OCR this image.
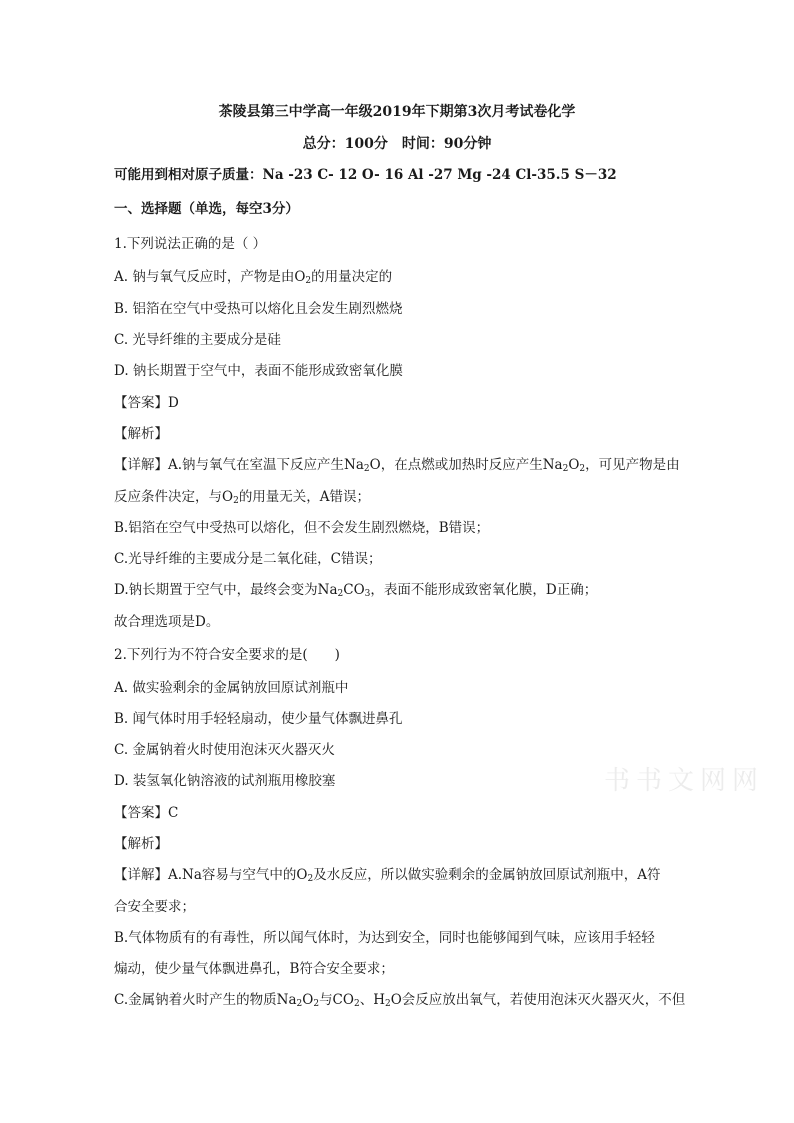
茶陵县第三中学高一年级2019年下期第3次月考试卷化学
总分：100分　时间：90分钟
可能用到相对原子质量：Na -23 C- 12 O- 16 Al -27 Mg -24 Cl-35.5 S－32
一、选择题（单选，每空3分）
1.下列说法正确的是（ ）
A. 钠与氧气反应时，产物是由$O_2$的用量决定的
B. 铝箔在空气中受热可以熔化且会发生剧烈燃烧
C. 光导纤维的主要成分是硅
D. 钠长期置于空气中，表面不能形成致密氧化膜
【答案】D
【解析】
【详解】A.钠与氧气在室温下反应产生$Na_2O$，在点燃或加热时反应产生$Na_2O_2$，可见产物是由
反应条件决定，与$O_2$的用量无关，A错误；
B.铝箔在空气中受热可以熔化，但不会发生剧烈燃烧，B错误；
C.光导纤维的主要成分是二氧化硅，C错误；
D.钠长期置于空气中，最终会变为$Na_2CO_3$，表面不能形成致密氧化膜，D正确；
故合理选项是D。
2.下列行为不符合安全要求的是(　　)
A. 做实验剩余的金属钠放回原试剂瓶中
B. 闻气体时用手轻轻扇动，使少量气体飘进鼻孔
C. 金属钠着火时使用泡沫灭火器灭火
D. 装氢氧化钠溶液的试剂瓶用橡胶塞
【答案】C
【解析】
【详解】A.Na容易与空气中的$O_2$及水反应，所以做实验剩余的金属钠放回原试剂瓶中，A符
合安全要求；
B.气体物质有的有毒性，所以闻气体时，为达到安全，同时也能够闻到气味，应该用手轻轻
煽动，使少量气体飘进鼻孔，B符合安全要求；
C.金属钠着火时产生的物质$Na_2O_2$与$CO_2$、$H_2O$会反应放出氧气，若使用泡沫灭火器灭火，不但
书书文网网
